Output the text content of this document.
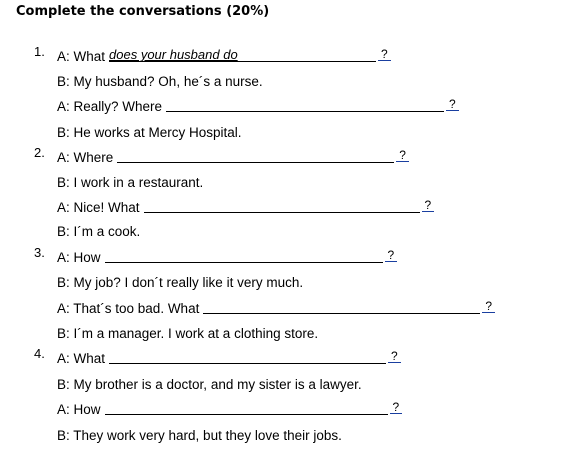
Complete the conversations (20%)
1. A: What does your husband do	?
B: My husband? Oh, he´s a nurse.
A: Really? Where	?
B: He works at Mercy Hospital.
2. A: Where	?
B: I work in a restaurant.
A: Nice! What	?
B: I´m a cook.
3. A: How	?
B: My job? I don´t really like it very much.
A: That´s too bad. What	?
B: I´m a manager. I work at a clothing store.
4. A: What	?
B: My brother is a doctor, and my sister is a lawyer.
A: How	?
B: They work very hard, but they love their jobs.
